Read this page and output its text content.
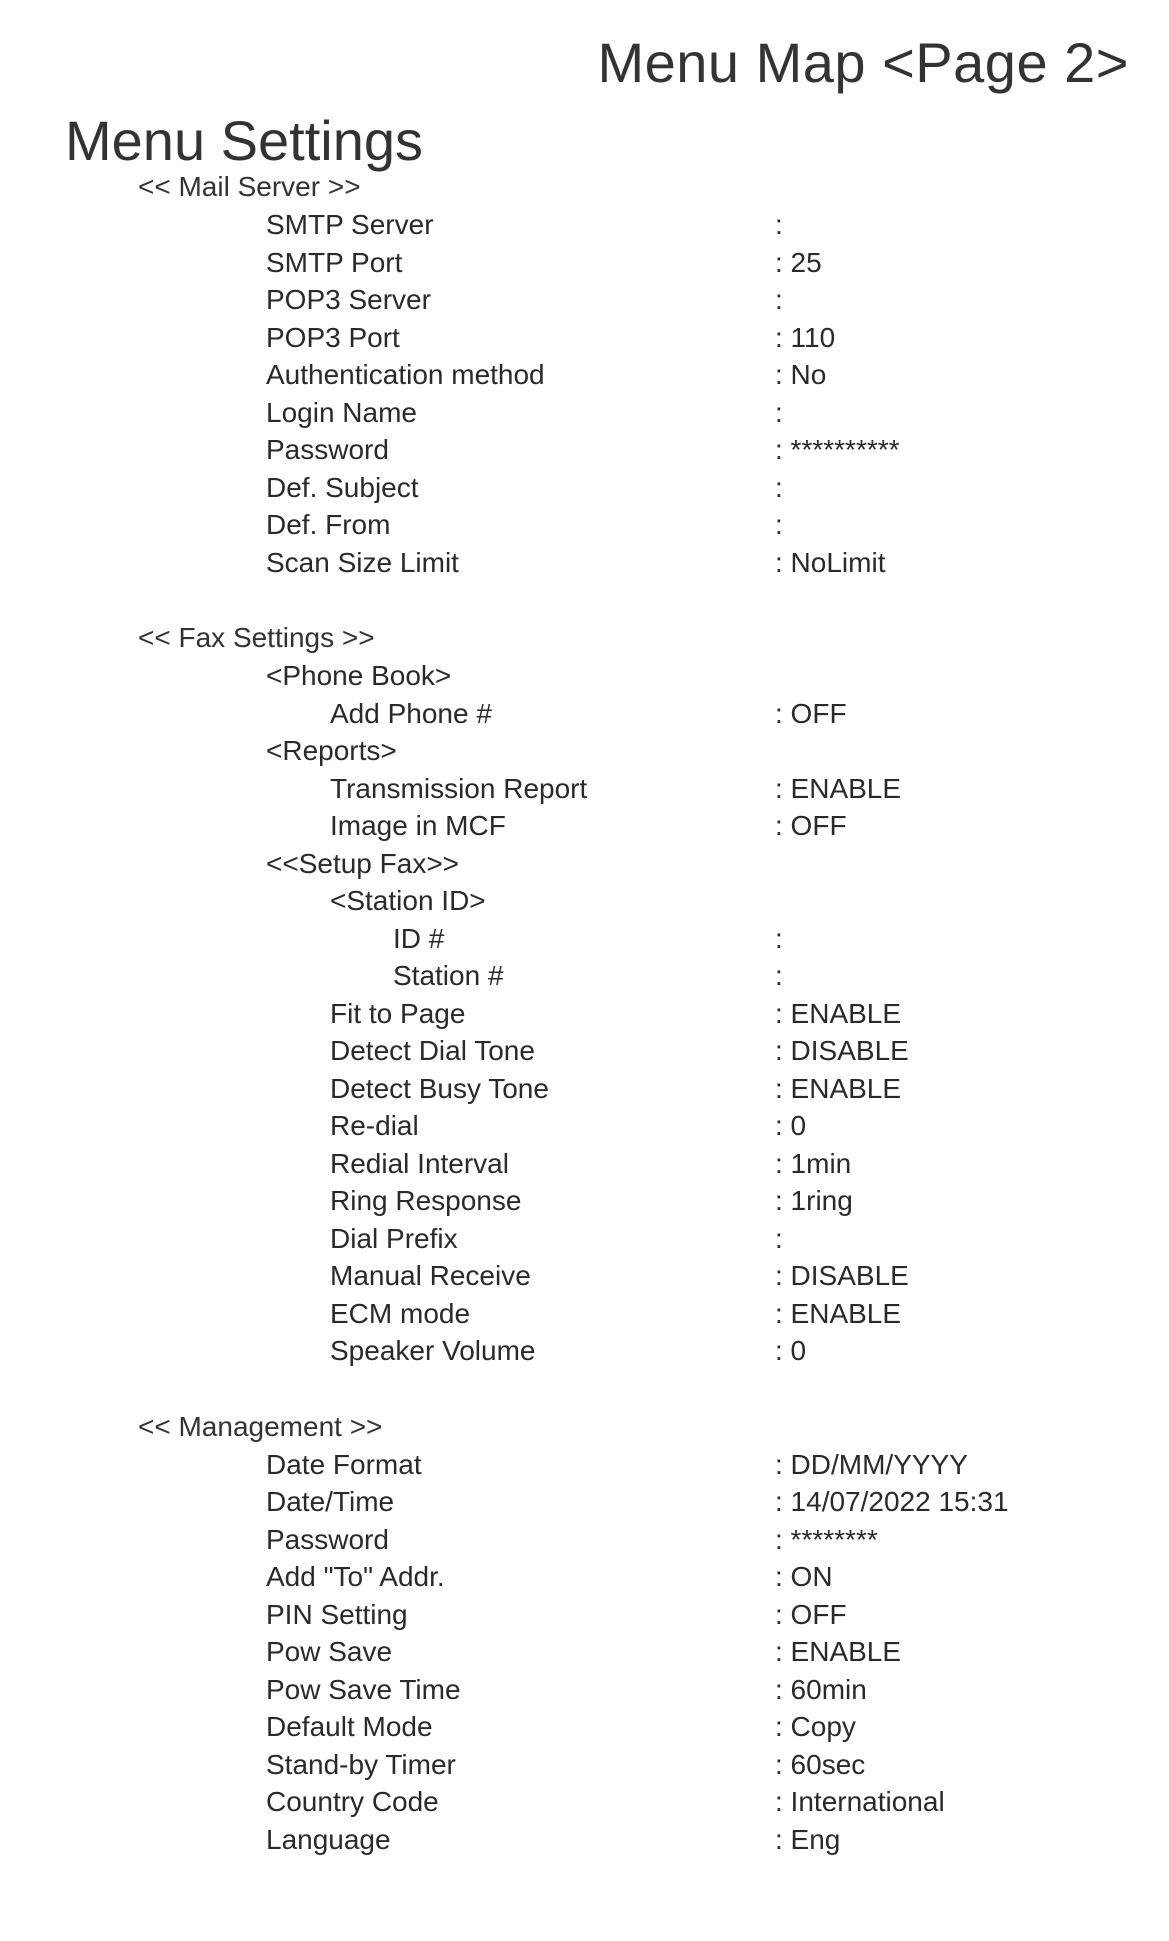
Menu Map <Page 2>
Menu Settings
<< Mail Server >>
SMTP Server	:
SMTP Port	: 25
POP3 Server	:
POP3 Port	: 110
Authentication method	: No
Login Name	:
Password	: **********
Def. Subject	:
Def. From	:
Scan Size Limit	: NoLimit
<< Fax Settings >>
<Phone Book>
Add Phone #	: OFF
<Reports>
Transmission Report	: ENABLE
Image in MCF	: OFF
<<Setup Fax>>
<Station ID>
ID #	:
Station #	:
Fit to Page	: ENABLE
Detect Dial Tone	: DISABLE
Detect Busy Tone	: ENABLE
Re-dial	: 0
Redial Interval	: 1min
Ring Response	: 1ring
Dial Prefix	:
Manual Receive	: DISABLE
ECM mode	: ENABLE
Speaker Volume	: 0
<< Management >>
Date Format	: DD/MM/YYYY
Date/Time	: 14/07/2022 15:31
Password	: ********
Add "To" Addr.	: ON
PIN Setting	: OFF
Pow Save	: ENABLE
Pow Save Time	: 60min
Default Mode	: Copy
Stand-by Timer	: 60sec
Country Code	: International
Language	: Eng
